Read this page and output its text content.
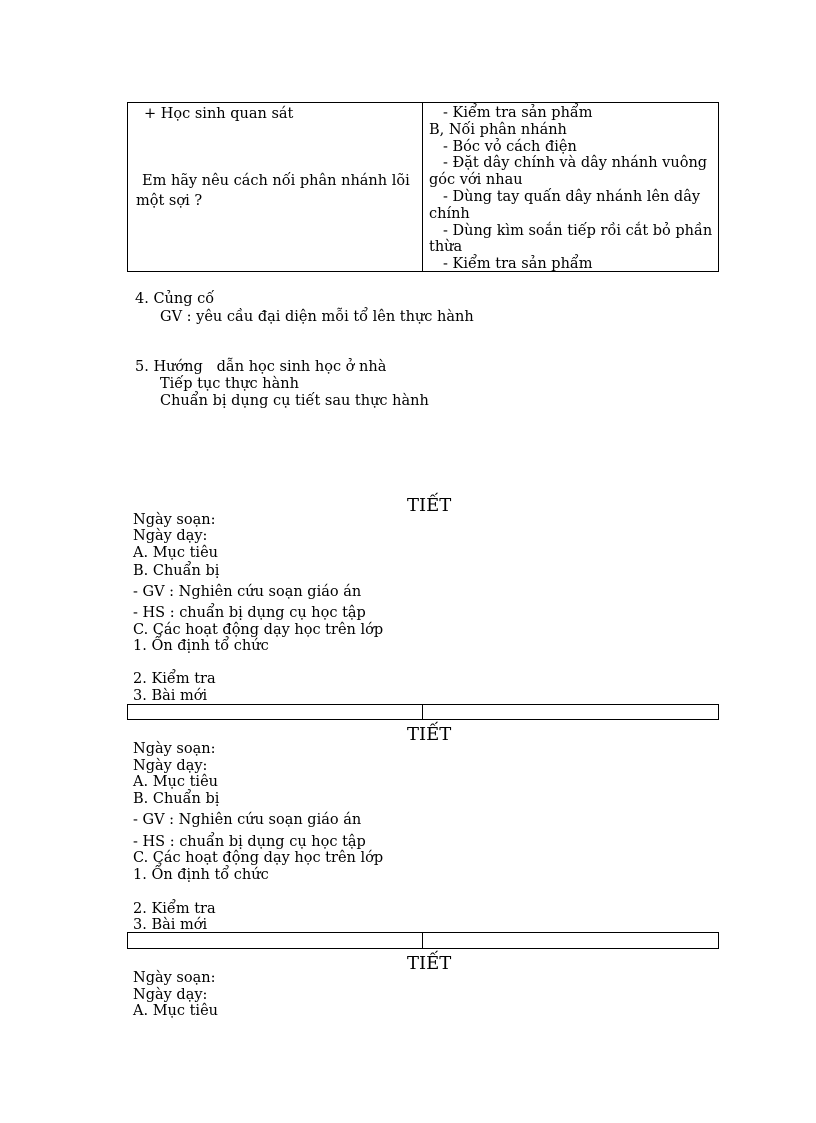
+ Học sinh quan sát
Em hãy nêu cách nối phân nhánh lõi
một sợi ?
- Kiểm tra sản phẩm
B, Nối phân nhánh
- Bóc vỏ cách điện
- Đặt dây chính và dây nhánh vuông
góc với nhau
- Dùng tay quấn dây nhánh lên dây
chính
- Dùng kìm soắn tiếp rồi cắt bỏ phần
thừa
- Kiểm tra sản phẩm
4. Củng cố
GV : yêu cầu đại diện mỗi tổ lên thực hành
5. Hướng   dẫn học sinh học ở nhà
Tiếp tục thực hành
Chuẩn bị dụng cụ tiết sau thực hành
TIẾT
Ngày soạn:
Ngày dạy:
A. Mục tiêu
B. Chuẩn bị
- GV : Nghiên cứu soạn giáo án
- HS : chuẩn bị dụng cụ học tập
C. Các hoạt động dạy học trên lớp
1. Ổn định tổ chức
2. Kiểm tra
3. Bài mới
TIẾT
Ngày soạn:
Ngày dạy:
A. Mục tiêu
B. Chuẩn bị
- GV : Nghiên cứu soạn giáo án
- HS : chuẩn bị dụng cụ học tập
C. Các hoạt động dạy học trên lớp
1. Ổn định tổ chức
2. Kiểm tra
3. Bài mới
TIẾT
Ngày soạn:
Ngày dạy:
A. Mục tiêu
